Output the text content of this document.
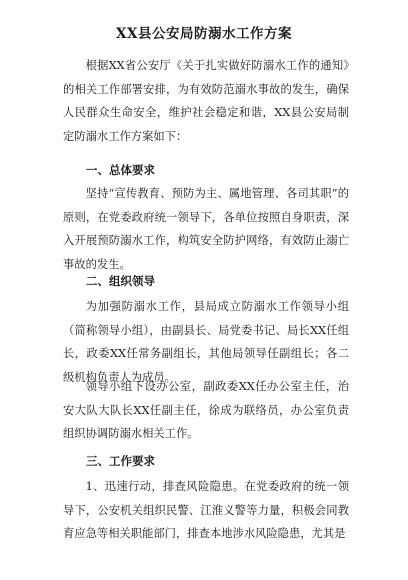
XX县公安局防溺水工作方案
根据XX省公安厅《关于扎实做好防溺水工作的通知》的相关工作部署安排，为有效防范溺水事故的发生，确保人民群众生命安全，维护社会稳定和谐，XX县公安局制定防溺水工作方案如下：
一、总体要求
坚持“宣传教育、预防为主、属地管理、各司其职”的原则，在党委政府统一领导下，各单位按照自身职责，深入开展预防溺水工作，构筑安全防护网络，有效防止溺亡事故的发生。
二、组织领导
为加强防溺水工作，县局成立防溺水工作领导小组（简称领导小组），由副县长、局党委书记、局长XX任组长，政委XX任常务副组长，其他局领导任副组长；各二级机构负责人为成员。
领导小组下设办公室，副政委XX任办公室主任，治安大队大队长XX任副主任，徐成为联络员，办公室负责组织协调防溺水相关工作。
三、工作要求
1、迅速行动，排查风险隐患。在党委政府的统一领导下，公安机关组织民警、江淮义警等力量，积极会同教育应急等相关职能部门，排查本地涉水风险隐患，尤其是
